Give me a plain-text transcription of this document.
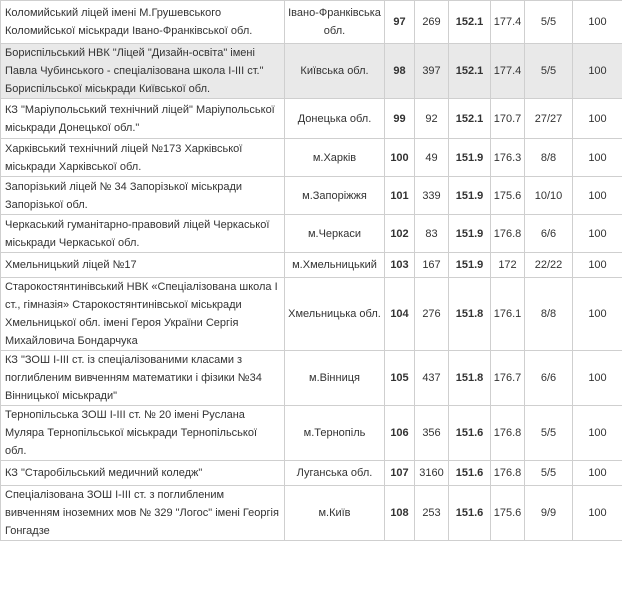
Коломийський ліцей імені М.Грушевського Коломийської міськради Івано-Франківської обл.	Івано-Франківська обл.	97	269	152.1	177.4	5/5	100
Бориспільський НВК "Ліцей "Дизайн-освіта" імені Павла Чубинського - спеціалізована школа І-ІІІ ст." Бориспільської міськради Київської обл.	Київська обл.	98	397	152.1	177.4	5/5	100
КЗ "Маріупольський технічний ліцей" Маріупольської міськради Донецької обл."	Донецька обл.	99	92	152.1	170.7	27/27	100
Харківський технічний ліцей №173 Харківської міськради Харківської обл.	м.Харків	100	49	151.9	176.3	8/8	100
Запорізький ліцей № 34 Запорізької міськради Запорізької обл.	м.Запоріжжя	101	339	151.9	175.6	10/10	100
Черкаський гуманітарно-правовий ліцей Черкаської міськради Черкаської обл.	м.Черкаси	102	83	151.9	176.8	6/6	100
Хмельницький ліцей №17	м.Хмельницький	103	167	151.9	172	22/22	100
Старокостянтинівський НВК «Спеціалізована школа І ст., гімназія» Старокостянтинівської міськради Хмельницької обл. імені Героя України Сергія Михайловича Бондарчука	Хмельницька обл.	104	276	151.8	176.1	8/8	100
КЗ "ЗОШ І-ІІІ ст. із спеціалізованими класами з поглибленим вивченням математики і фізики №34 Вінницької міськради"	м.Вінниця	105	437	151.8	176.7	6/6	100
Тернопільська ЗОШ І-ІІІ ст. № 20 імені Руслана Муляра Тернопільської міськради Тернопільської обл.	м.Тернопіль	106	356	151.6	176.8	5/5	100
КЗ "Старобільський медичний коледж"	Луганська обл.	107	3160	151.6	176.8	5/5	100
Спеціалізована ЗОШ І-ІІІ ст. з поглибленим вивченням іноземних мов № 329 "Логос" імені Георгія Гонгадзе	м.Київ	108	253	151.6	175.6	9/9	100
